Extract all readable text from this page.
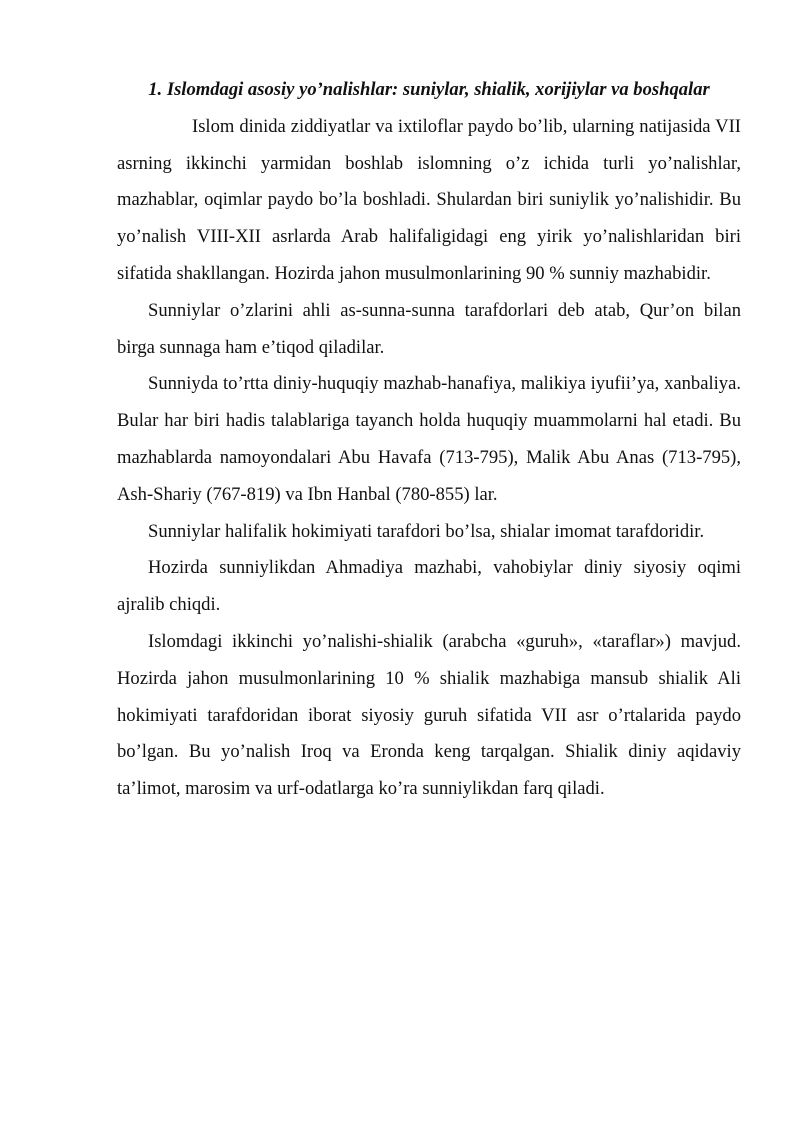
1. Islomdagi asosiy yo’nalishlar: suniylar, shialik, xorijiylar va boshqalar

Islom dinida ziddiyatlar va ixtiloflar paydo bo’lib, ularning natijasida VII asrning ikkinchi yarmidan boshlab islomning o’z ichida turli yo’nalishlar, mazhablar, oqimlar paydo bo’la boshladi. Shulardan biri suniylik yo’nalishidir. Bu yo’nalish VIII-XII asrlarda Arab halifaligidagi eng yirik yo’nalishlaridan biri sifatida shakllangan. Hozirda jahon musulmonlarining 90 % sunniy mazhabidir.

Sunniylar o’zlarini ahli as-sunna-sunna tarafdorlari deb atab, Qur’on bilan birga sunnaga ham e’tiqod qiladilar.

Sunniyda to’rtta diniy-huquqiy mazhab-hanafiya, malikiya iyufii’ya, xanbaliya. Bular har biri hadis talablariga tayanch holda huquqiy muammolarni hal etadi. Bu mazhablarda namoyondalari Abu Havafa (713-795), Malik Abu Anas (713-795), Ash-Shariy (767-819) va Ibn Hanbal (780-855) lar.

Sunniylar halifalik hokimiyati tarafdori bo’lsa, shialar imomat tarafdoridir.

Hozirda sunniylikdan Ahmadiya mazhabi, vahobiylar diniy siyosiy oqimi ajralib chiqdi.

Islomdagi ikkinchi yo’nalishi-shialik (arabcha «guruh», «taraflar») mavjud. Hozirda jahon musulmonlarining 10 % shialik mazhabiga mansub shialik Ali hokimiyati tarafdoridan iborat siyosiy guruh sifatida VII asr o’rtalarida paydo bo’lgan. Bu yo’nalish Iroq va Eronda keng tarqalgan. Shialik diniy aqidaviy ta’limot, marosim va urf-odatlarga ko’ra sunniylikdan farq qiladi.
